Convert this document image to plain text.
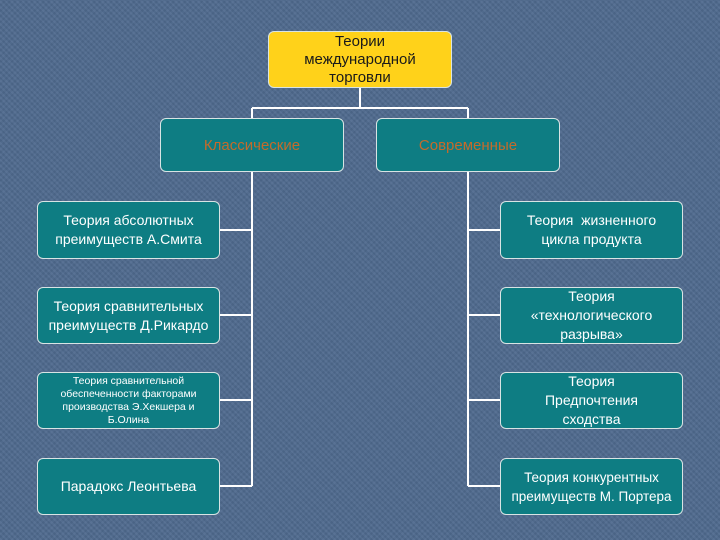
Теории
международной
торговли
Классические	Современные
Теория абсолютных
преимуществ А.Смита
Теория сравнительных
преимуществ Д.Рикардо
Теория сравнительной
обеспеченности факторами
производства Э.Хекшера и
Б.Олина
Парадокс Леонтьева
Теория  жизненного
цикла продукта
Теория
«технологического
разрыва»
Теория
Предпочтения
сходства
Теория конкурентных
преимуществ М. Портера
